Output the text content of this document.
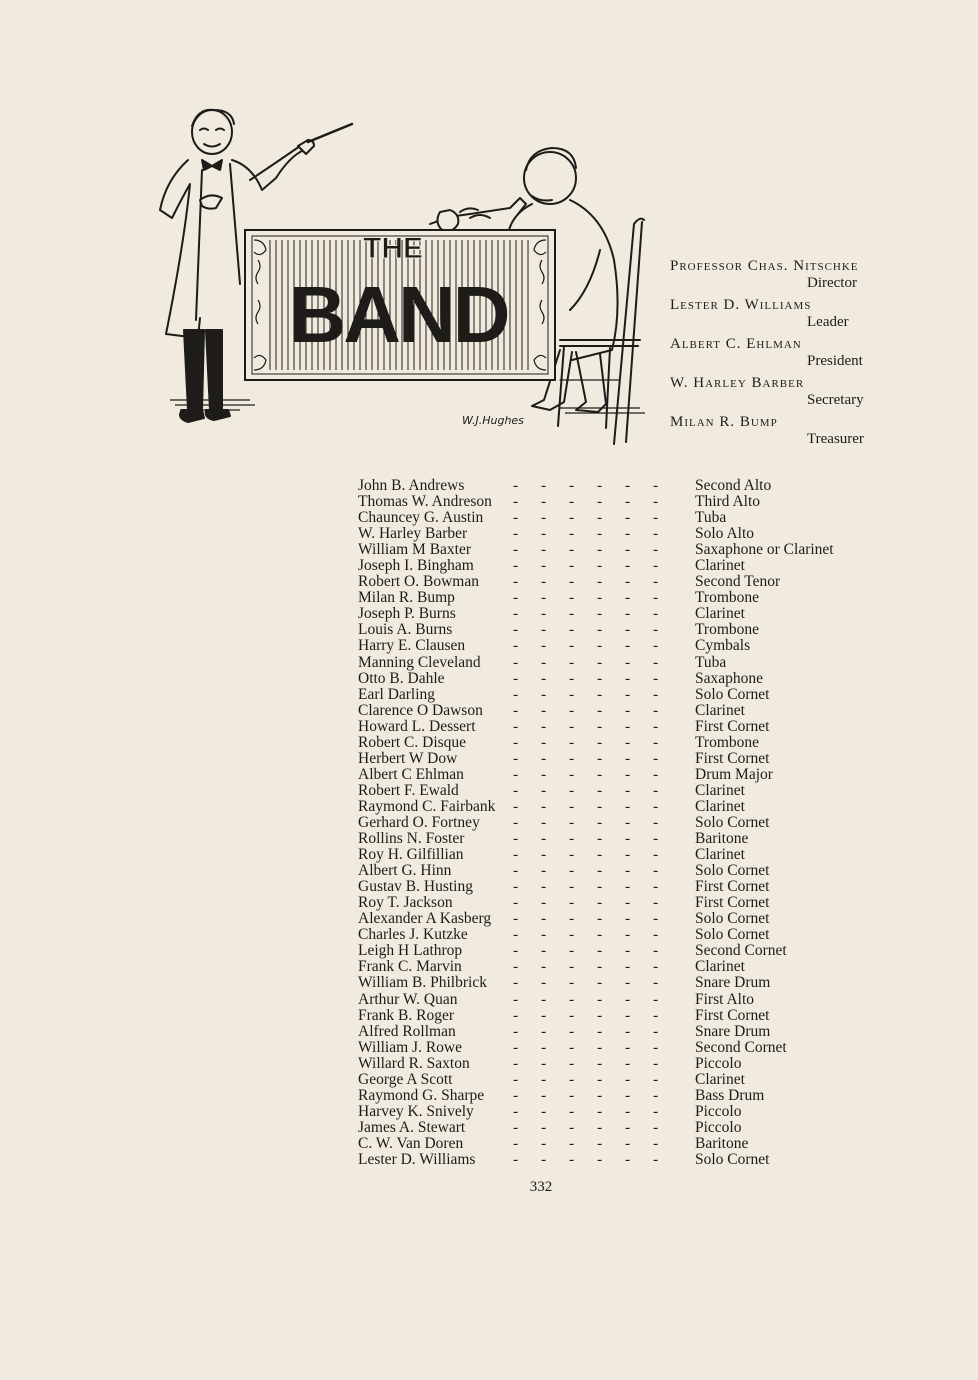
THE
BAND
W.J.Hughes
Professor Chas. Nitschke
Director
Lester D. Williams
Leader
Albert C. Ehlman
President
W. Harley Barber
Secretary
Milan R. Bump
Treasurer
John B. Andrews	- - - - - - Second Alto
Thomas W. Andreson - - - - - - Third Alto
Chauncey G. Austin - - - - - - Tuba
W. Harley Barber	- - - - - - Solo Alto
William M Baxter	- - - - - - Saxaphone or Clarinet
Joseph I. Bingham	- - - - - - Clarinet
Robert O. Bowman - - - - - - Second Tenor
Milan R. Bump	- - - - - - Trombone
Joseph P. Burns	- - - - - - Clarinet
Louis A. Burns	- - - - - - Trombone
Harry E. Clausen	- - - - - - Cymbals
Manning Cleveland - - - - - - Tuba
Otto B. Dahle	- - - - - - Saxaphone
Earl Darling	- - - - - - Solo Cornet
Clarence O Dawson - - - - - - Clarinet
Howard L. Dessert - - - - - - First Cornet
Robert C. Disque	- - - - - - Trombone
Herbert W Dow	- - - - - - First Cornet
Albert C Ehlman	- - - - - - Drum Major
Robert F. Ewald	- - - - - - Clarinet
Raymond C. Fairbank - - - - - - Clarinet
Gerhard O. Fortney - - - - - - Solo Cornet
Rollins N. Foster	- - - - - - Baritone
Roy H. Gilfillian	- - - - - - Clarinet
Albert G. Hinn	- - - - - - Solo Cornet
Gustav B. Husting	- - - - - - First Cornet
Roy T. Jackson	- - - - - - First Cornet
Alexander A Kasberg - - - - - - Solo Cornet
Charles J. Kutzke	- - - - - - Solo Cornet
Leigh H Lathrop	- - - - - - Second Cornet
Frank C. Marvin	- - - - - - Clarinet
William B. Philbrick - - - - - - Snare Drum
Arthur W. Quan	- - - - - - First Alto
Frank B. Roger	- - - - - - First Cornet
Alfred Rollman	- - - - - - Snare Drum
William J. Rowe	- - - - - - Second Cornet
Willard R. Saxton	- - - - - - Piccolo
George A Scott	- - - - - - Clarinet
Raymond G. Sharpe - - - - - - Bass Drum
Harvey K. Snively	- - - - - - Piccolo
James A. Stewart	- - - - - - Piccolo
C. W. Van Doren	- - - - - - Baritone
Lester D. Williams - - - - - - Solo Cornet
332
